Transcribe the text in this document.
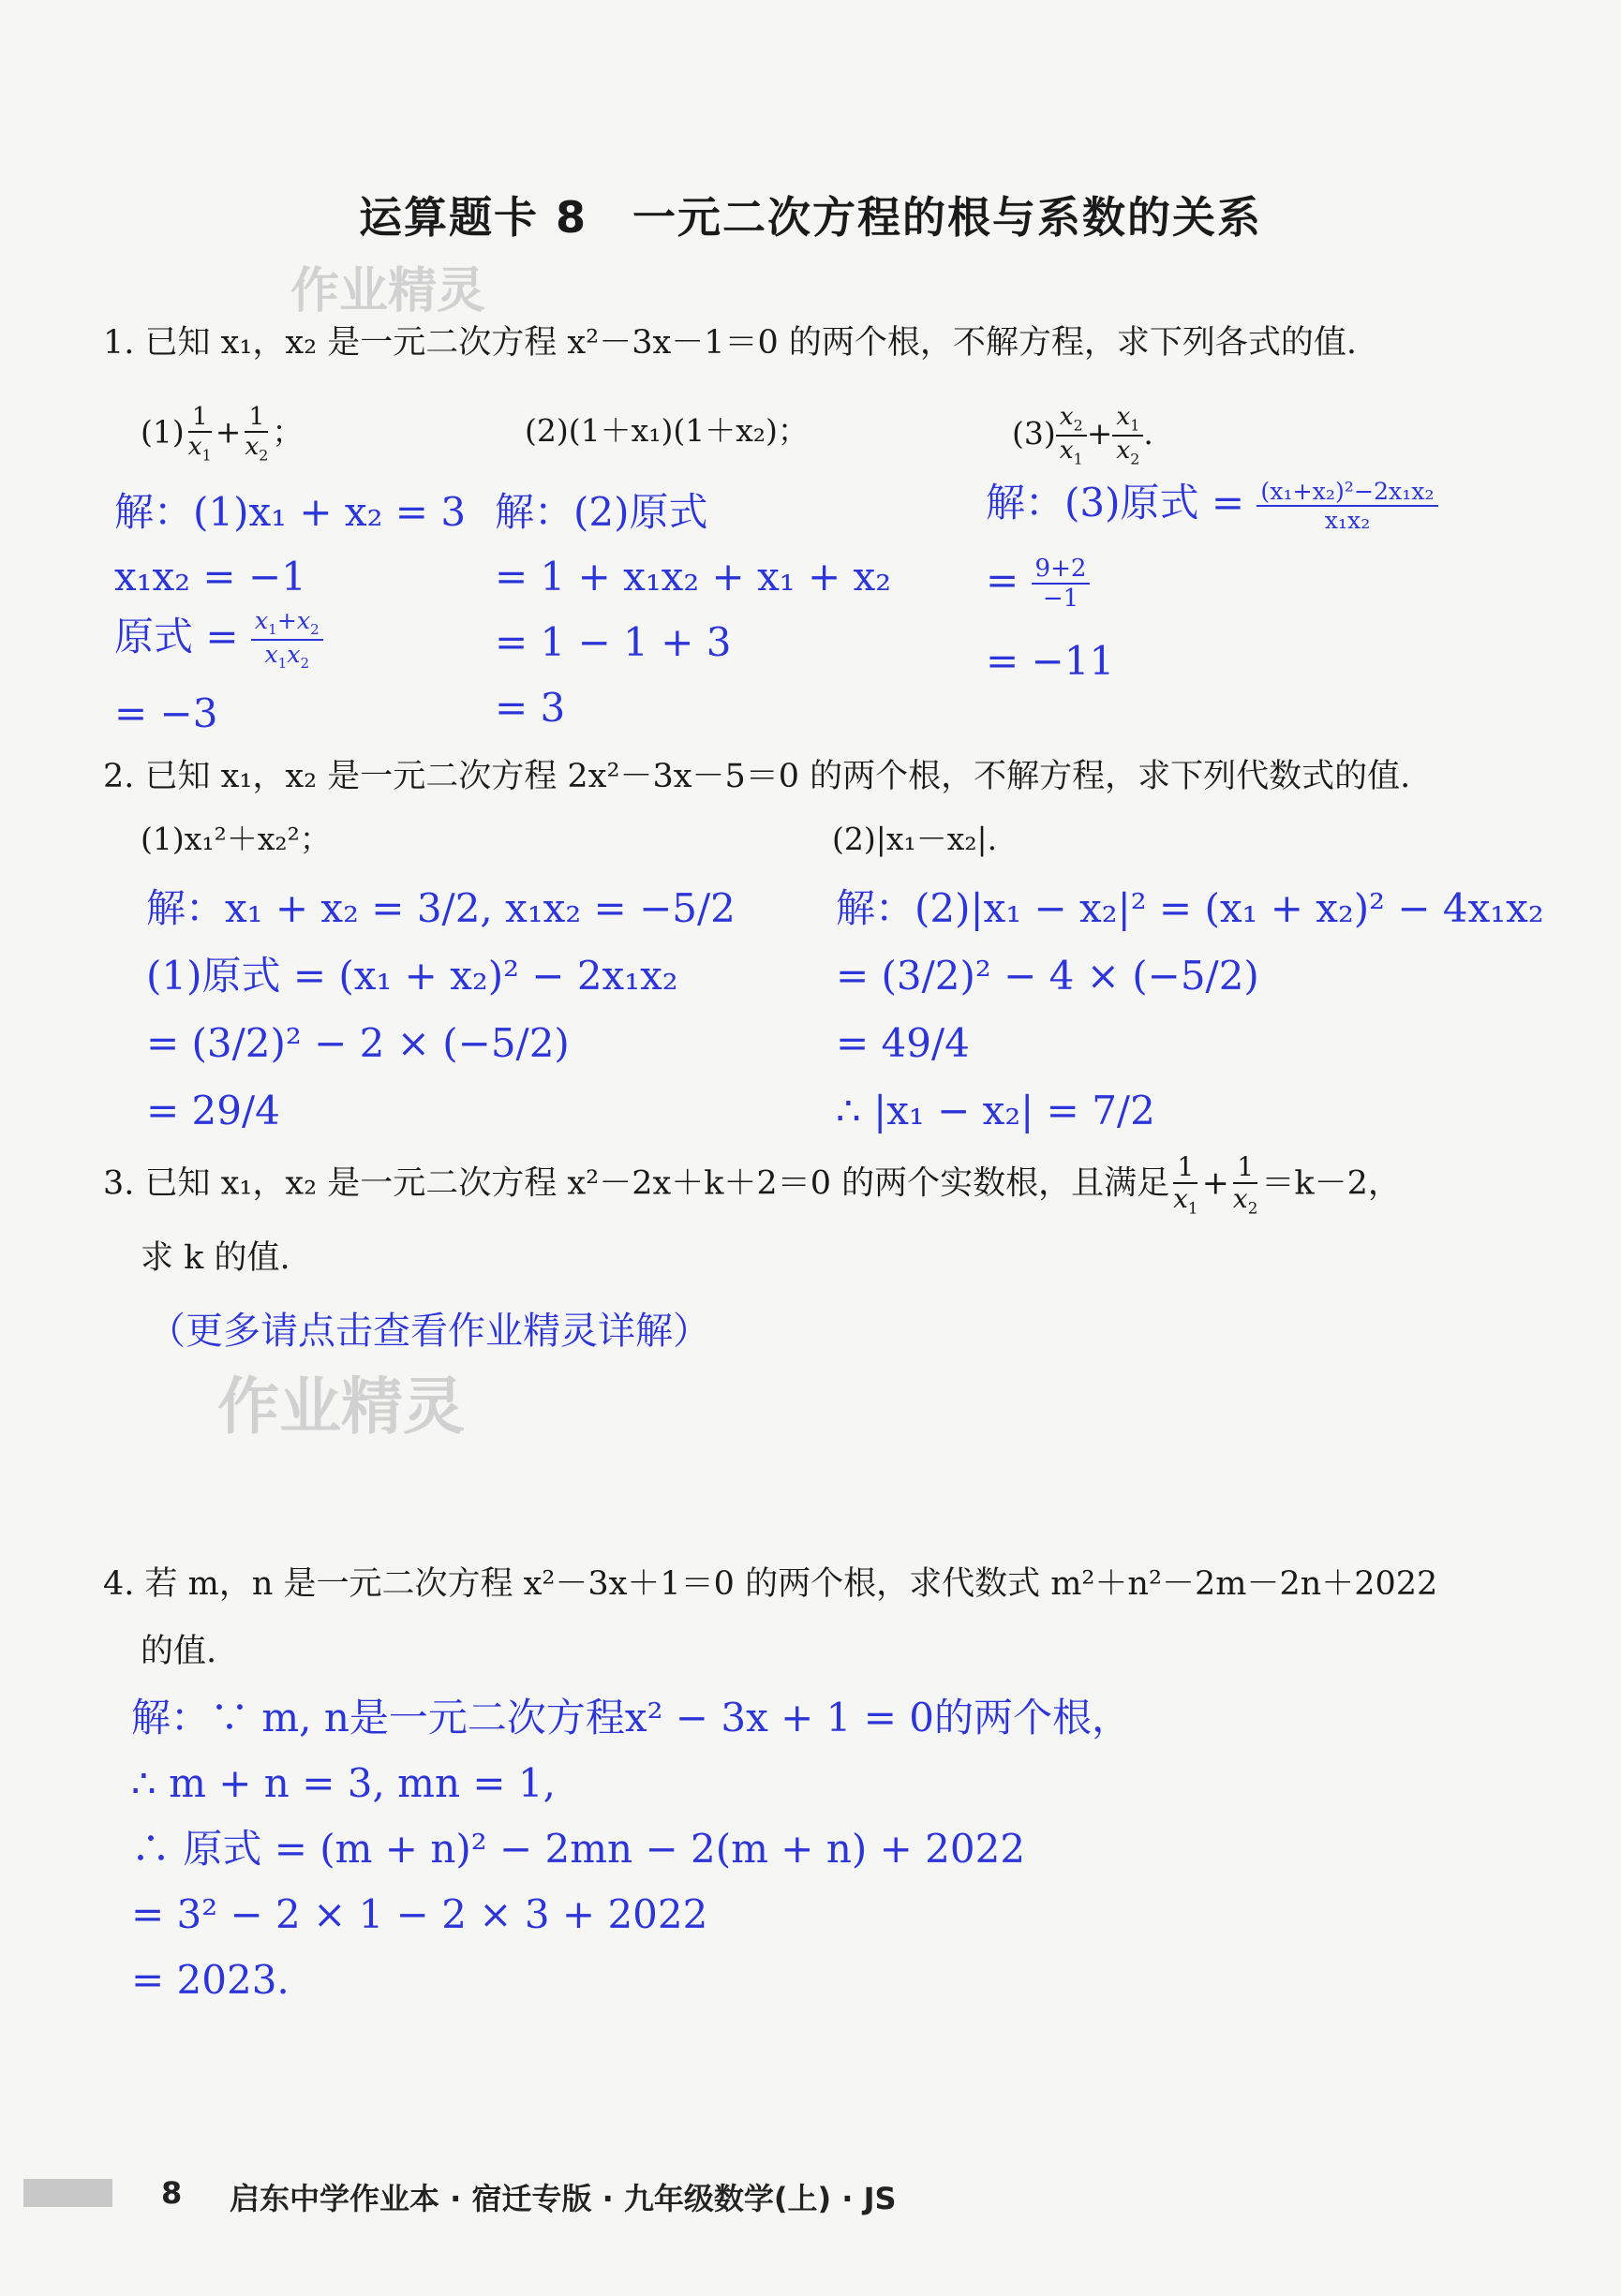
运算题卡 8　一元二次方程的根与系数的关系
作业精灵
1. 已知 x₁，x₂ 是一元二次方程 x²－3x－1＝0 的两个根，不解方程，求下列各式的值.
$(1) \frac{1}{x_1} + \frac{1}{x_2}$ ；	(2)(1＋x₁)(1＋x₂)；	$(3) \frac{x_2}{x_1} + \frac{x_1}{x_2}$ .
解：(1)x₁ + x₂ = 3
x₁x₂ = −1
原式 = $\frac{x_1+x_2}{x_1x_2}$
= −3
解：(2)原式
= 1 + x₁x₂ + x₁ + x₂
= 1 − 1 + 3
= 3
解：(3)原式 = $\frac{\text{(x₁+x₂)²−2x₁x₂}}{\text{x₁x₂}}$
= $\frac{9+2}{-1}$
= −11
2. 已知 x₁，x₂ 是一元二次方程 2x²－3x－5＝0 的两个根，不解方程，求下列代数式的值.
(1)x₁²＋x₂²；	(2)|x₁－x₂|.
解：x₁ + x₂ = 3/2, x₁x₂ = −5/2
(1)原式 = (x₁ + x₂)² − 2x₁x₂
= (3/2)² − 2 × (−5/2)
= 29/4
解：(2)|x₁ − x₂|² = (x₁ + x₂)² − 4x₁x₂
= (3/2)² − 4 × (−5/2)
= 49/4
∴ |x₁ − x₂| = 7/2
3. 已知 x₁，x₂ 是一元二次方程 x²－2x＋k＋2＝0 的两个实数根，且满足 $\frac{1}{x_1} + \frac{1}{x_2} =k-2$，
求 k 的值.
（更多请点击查看作业精灵详解）
作业精灵
4. 若 m，n 是一元二次方程 x²－3x＋1＝0 的两个根，求代数式 m²＋n²－2m－2n＋2022
的值.
解：∵ m, n是一元二次方程x² − 3x + 1 = 0的两个根，
∴ m + n = 3, mn = 1,
∴ 原式 = (m + n)² − 2mn − 2(m + n) + 2022
= 3² − 2 × 1 − 2 × 3 + 2022
= 2023.
8 启东中学作业本 · 宿迁专版 · 九年级数学(上) · JS
